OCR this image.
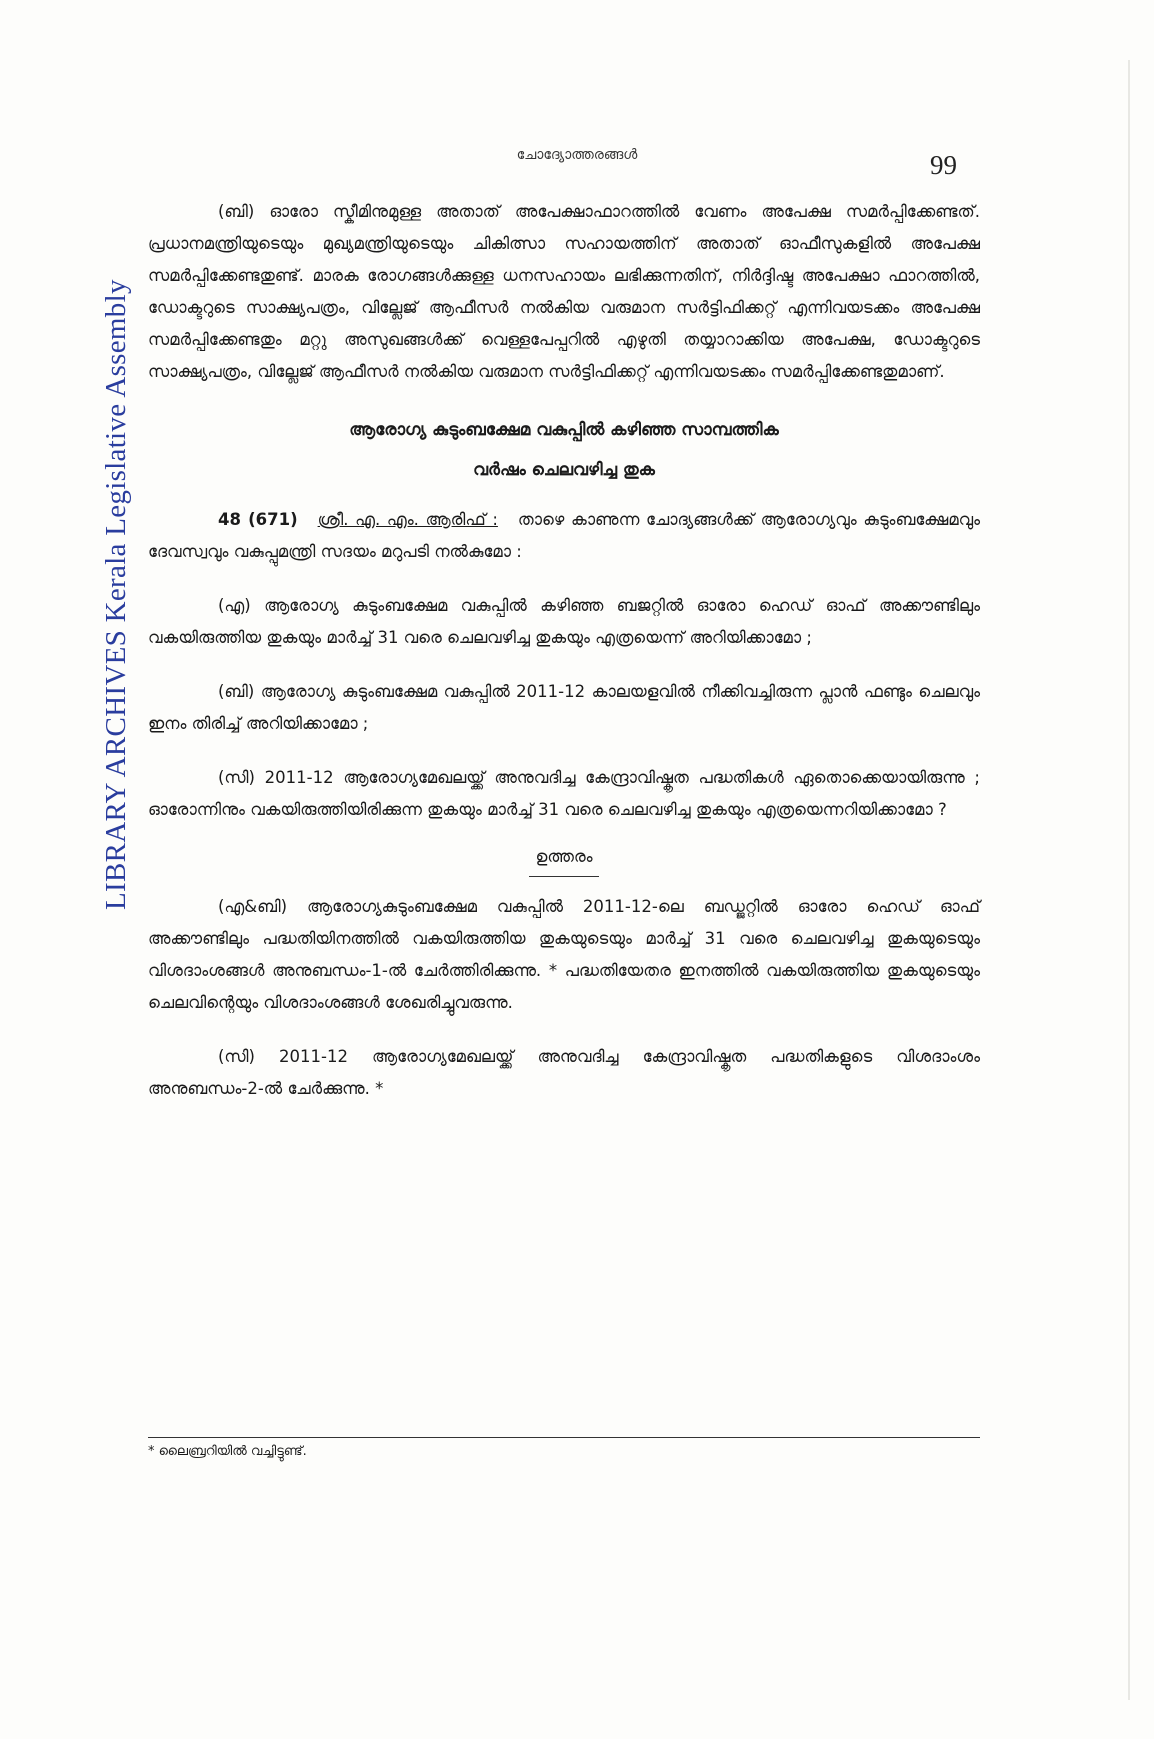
LIBRARY ARCHIVES Kerala Legislative Assembly
ചോദ്യോത്തരങ്ങൾ	99

(ബി) ഓരോ സ്കീമിനുമുള്ള അതാത് അപേക്ഷാഫാറത്തിൽ വേണം അപേക്ഷ സമർപ്പിക്കേണ്ടത്. പ്രധാനമന്ത്രിയുടെയും മുഖ്യമന്ത്രിയുടെയും ചികിത്സാ സഹായത്തിന് അതാത് ഓഫീസുകളിൽ അപേക്ഷ സമർപ്പിക്കേണ്ടതുണ്ട്. മാരക രോഗങ്ങൾക്കുള്ള ധനസഹായം ലഭിക്കുന്നതിന്, നിർദ്ദിഷ്ട അപേക്ഷാ ഫാറത്തിൽ, ഡോക്ടറുടെ സാക്ഷ്യപത്രം, വില്ലേജ് ആഫീസർ നൽകിയ വരുമാന സർട്ടിഫിക്കറ്റ് എന്നിവയടക്കം അപേക്ഷ സമർപ്പിക്കേണ്ടതും മറ്റു അസുഖങ്ങൾക്ക് വെള്ളപേപ്പറിൽ എഴുതി തയ്യാറാക്കിയ അപേക്ഷ, ഡോക്ടറുടെ സാക്ഷ്യപത്രം, വില്ലേജ് ആഫീസർ നൽകിയ വരുമാന സർട്ടിഫിക്കറ്റ് എന്നിവയടക്കം സമർപ്പിക്കേണ്ടതുമാണ്.

ആരോഗ്യ കുടുംബക്ഷേമ വകുപ്പിൽ കഴിഞ്ഞ സാമ്പത്തിക
വർഷം ചെലവഴിച്ച തുക

48 (671) ശ്രീ. എ. എം. ആരിഫ് : താഴെ കാണുന്ന ചോദ്യങ്ങൾക്ക് ആരോഗ്യവും കുടുംബക്ഷേമവും ദേവസ്വവും വകുപ്പുമന്ത്രി സദയം മറുപടി നൽകുമോ :

(എ) ആരോഗ്യ കുടുംബക്ഷേമ വകുപ്പിൽ കഴിഞ്ഞ ബജറ്റിൽ ഓരോ ഹെഡ് ഓഫ് അക്കൗണ്ടിലും വകയിരുത്തിയ തുകയും മാർച്ച് 31 വരെ ചെലവഴിച്ച തുകയും എത്രയെന്ന് അറിയിക്കാമോ ;

(ബി) ആരോഗ്യ കുടുംബക്ഷേമ വകുപ്പിൽ 2011-12 കാലയളവിൽ നീക്കിവച്ചിരുന്ന പ്ലാൻ ഫണ്ടും ചെലവും ഇനം തിരിച്ച് അറിയിക്കാമോ ;

(സി) 2011-12 ആരോഗ്യമേഖലയ്ക്ക് അനുവദിച്ച കേന്ദ്രാവിഷ്കൃത പദ്ധതികൾ ഏതൊക്കെയായിരുന്നു ; ഓരോന്നിനും വകയിരുത്തിയിരിക്കുന്ന തുകയും മാർച്ച് 31 വരെ ചെലവഴിച്ച തുകയും എത്രയെന്നറിയിക്കാമോ ?

ഉത്തരം

(എ&ബി) ആരോഗ്യകുടുംബക്ഷേമ വകുപ്പിൽ 2011-12-ലെ ബഡ്ജറ്റിൽ ഓരോ ഹെഡ് ഓഫ് അക്കൗണ്ടിലും പദ്ധതിയിനത്തിൽ വകയിരുത്തിയ തുകയുടെയും മാർച്ച് 31 വരെ ചെലവഴിച്ച തുകയുടെയും വിശദാംശങ്ങൾ അനുബന്ധം-1-ൽ ചേർത്തിരിക്കുന്നു. * പദ്ധതിയേതര ഇനത്തിൽ വകയിരുത്തിയ തുകയുടെയും ചെലവിന്റെയും വിശദാംശങ്ങൾ ശേഖരിച്ചുവരുന്നു.

(സി) 2011-12 ആരോഗ്യമേഖലയ്ക്ക് അനുവദിച്ച കേന്ദ്രാവിഷ്കൃത പദ്ധതികളുടെ വിശദാംശം അനുബന്ധം-2-ൽ ചേർക്കുന്നു. *

* ലൈബ്രറിയിൽ വച്ചിട്ടുണ്ട്.
